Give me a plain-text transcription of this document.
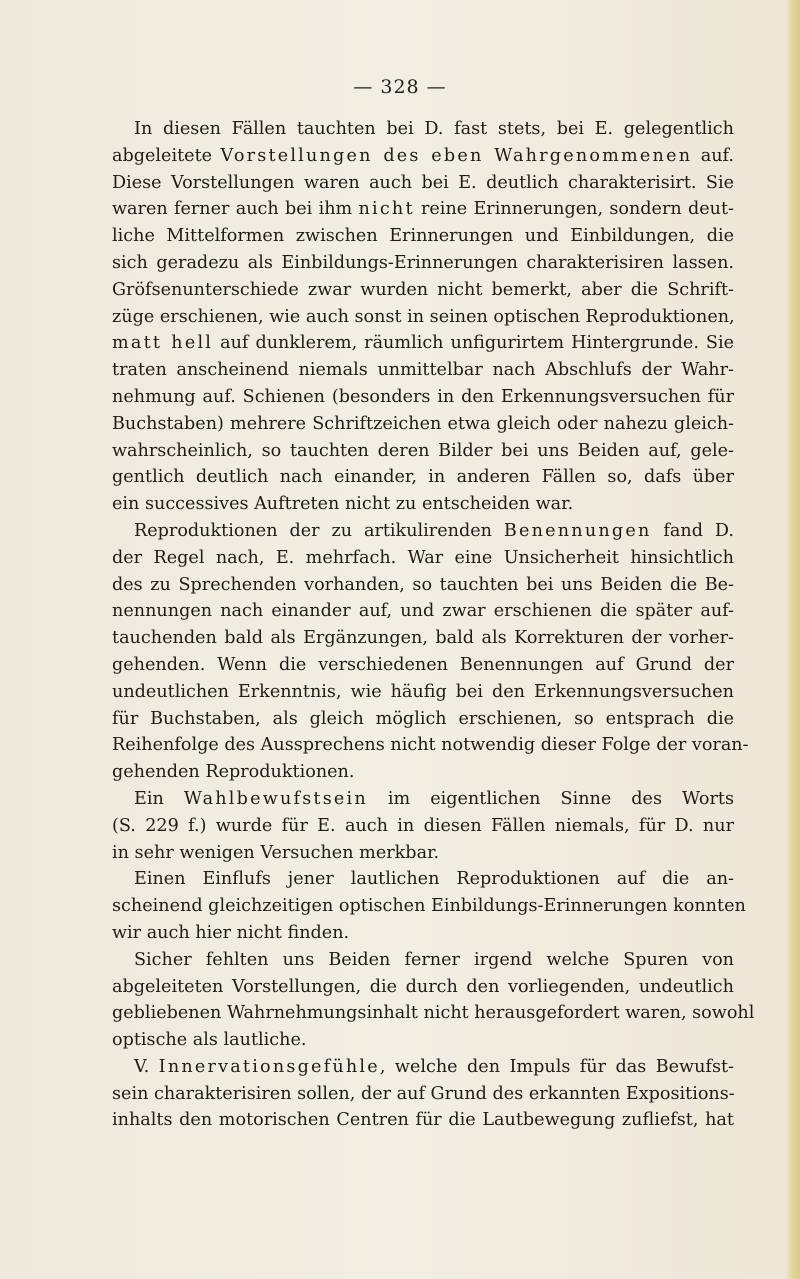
— 328 —
In diesen Fällen tauchten bei D. fast stets, bei E. gelegentlich
abgeleitete Vorstellungen des eben Wahrgenommenen auf.
Diese Vorstellungen waren auch bei E. deutlich charakterisirt. Sie
waren ferner auch bei ihm nicht reine Erinnerungen, sondern deut-
liche Mittelformen zwischen Erinnerungen und Einbildungen, die
sich geradezu als Einbildungs-Erinnerungen charakterisiren lassen.
Gröfsenunterschiede zwar wurden nicht bemerkt, aber die Schrift-
züge erschienen, wie auch sonst in seinen optischen Reproduktionen,
matt hell auf dunklerem, räumlich unfigurirtem Hintergrunde. Sie
traten anscheinend niemals unmittelbar nach Abschlufs der Wahr-
nehmung auf. Schienen (besonders in den Erkennungsversuchen für
Buchstaben) mehrere Schriftzeichen etwa gleich oder nahezu gleich-
wahrscheinlich, so tauchten deren Bilder bei uns Beiden auf, gele-
gentlich deutlich nach einander, in anderen Fällen so, dafs über
ein successives Auftreten nicht zu entscheiden war.
Reproduktionen der zu artikulirenden Benennungen fand D.
der Regel nach, E. mehrfach. War eine Unsicherheit hinsichtlich
des zu Sprechenden vorhanden, so tauchten bei uns Beiden die Be-
nennungen nach einander auf, und zwar erschienen die später auf-
tauchenden bald als Ergänzungen, bald als Korrekturen der vorher-
gehenden. Wenn die verschiedenen Benennungen auf Grund der
undeutlichen Erkenntnis, wie häufig bei den Erkennungsversuchen
für Buchstaben, als gleich möglich erschienen, so entsprach die
Reihenfolge des Aussprechens nicht notwendig dieser Folge der voran-
gehenden Reproduktionen.
Ein Wahlbewufstsein im eigentlichen Sinne des Worts
(S. 229 f.) wurde für E. auch in diesen Fällen niemals, für D. nur
in sehr wenigen Versuchen merkbar.
Einen Einflufs jener lautlichen Reproduktionen auf die an-
scheinend gleichzeitigen optischen Einbildungs-Erinnerungen konnten
wir auch hier nicht finden.
Sicher fehlten uns Beiden ferner irgend welche Spuren von
abgeleiteten Vorstellungen, die durch den vorliegenden, undeutlich
gebliebenen Wahrnehmungsinhalt nicht herausgefordert waren, sowohl
optische als lautliche.
V. Innervationsgefühle, welche den Impuls für das Bewufst-
sein charakterisiren sollen, der auf Grund des erkannten Expositions-
inhalts den motorischen Centren für die Lautbewegung zufliefst, hat
